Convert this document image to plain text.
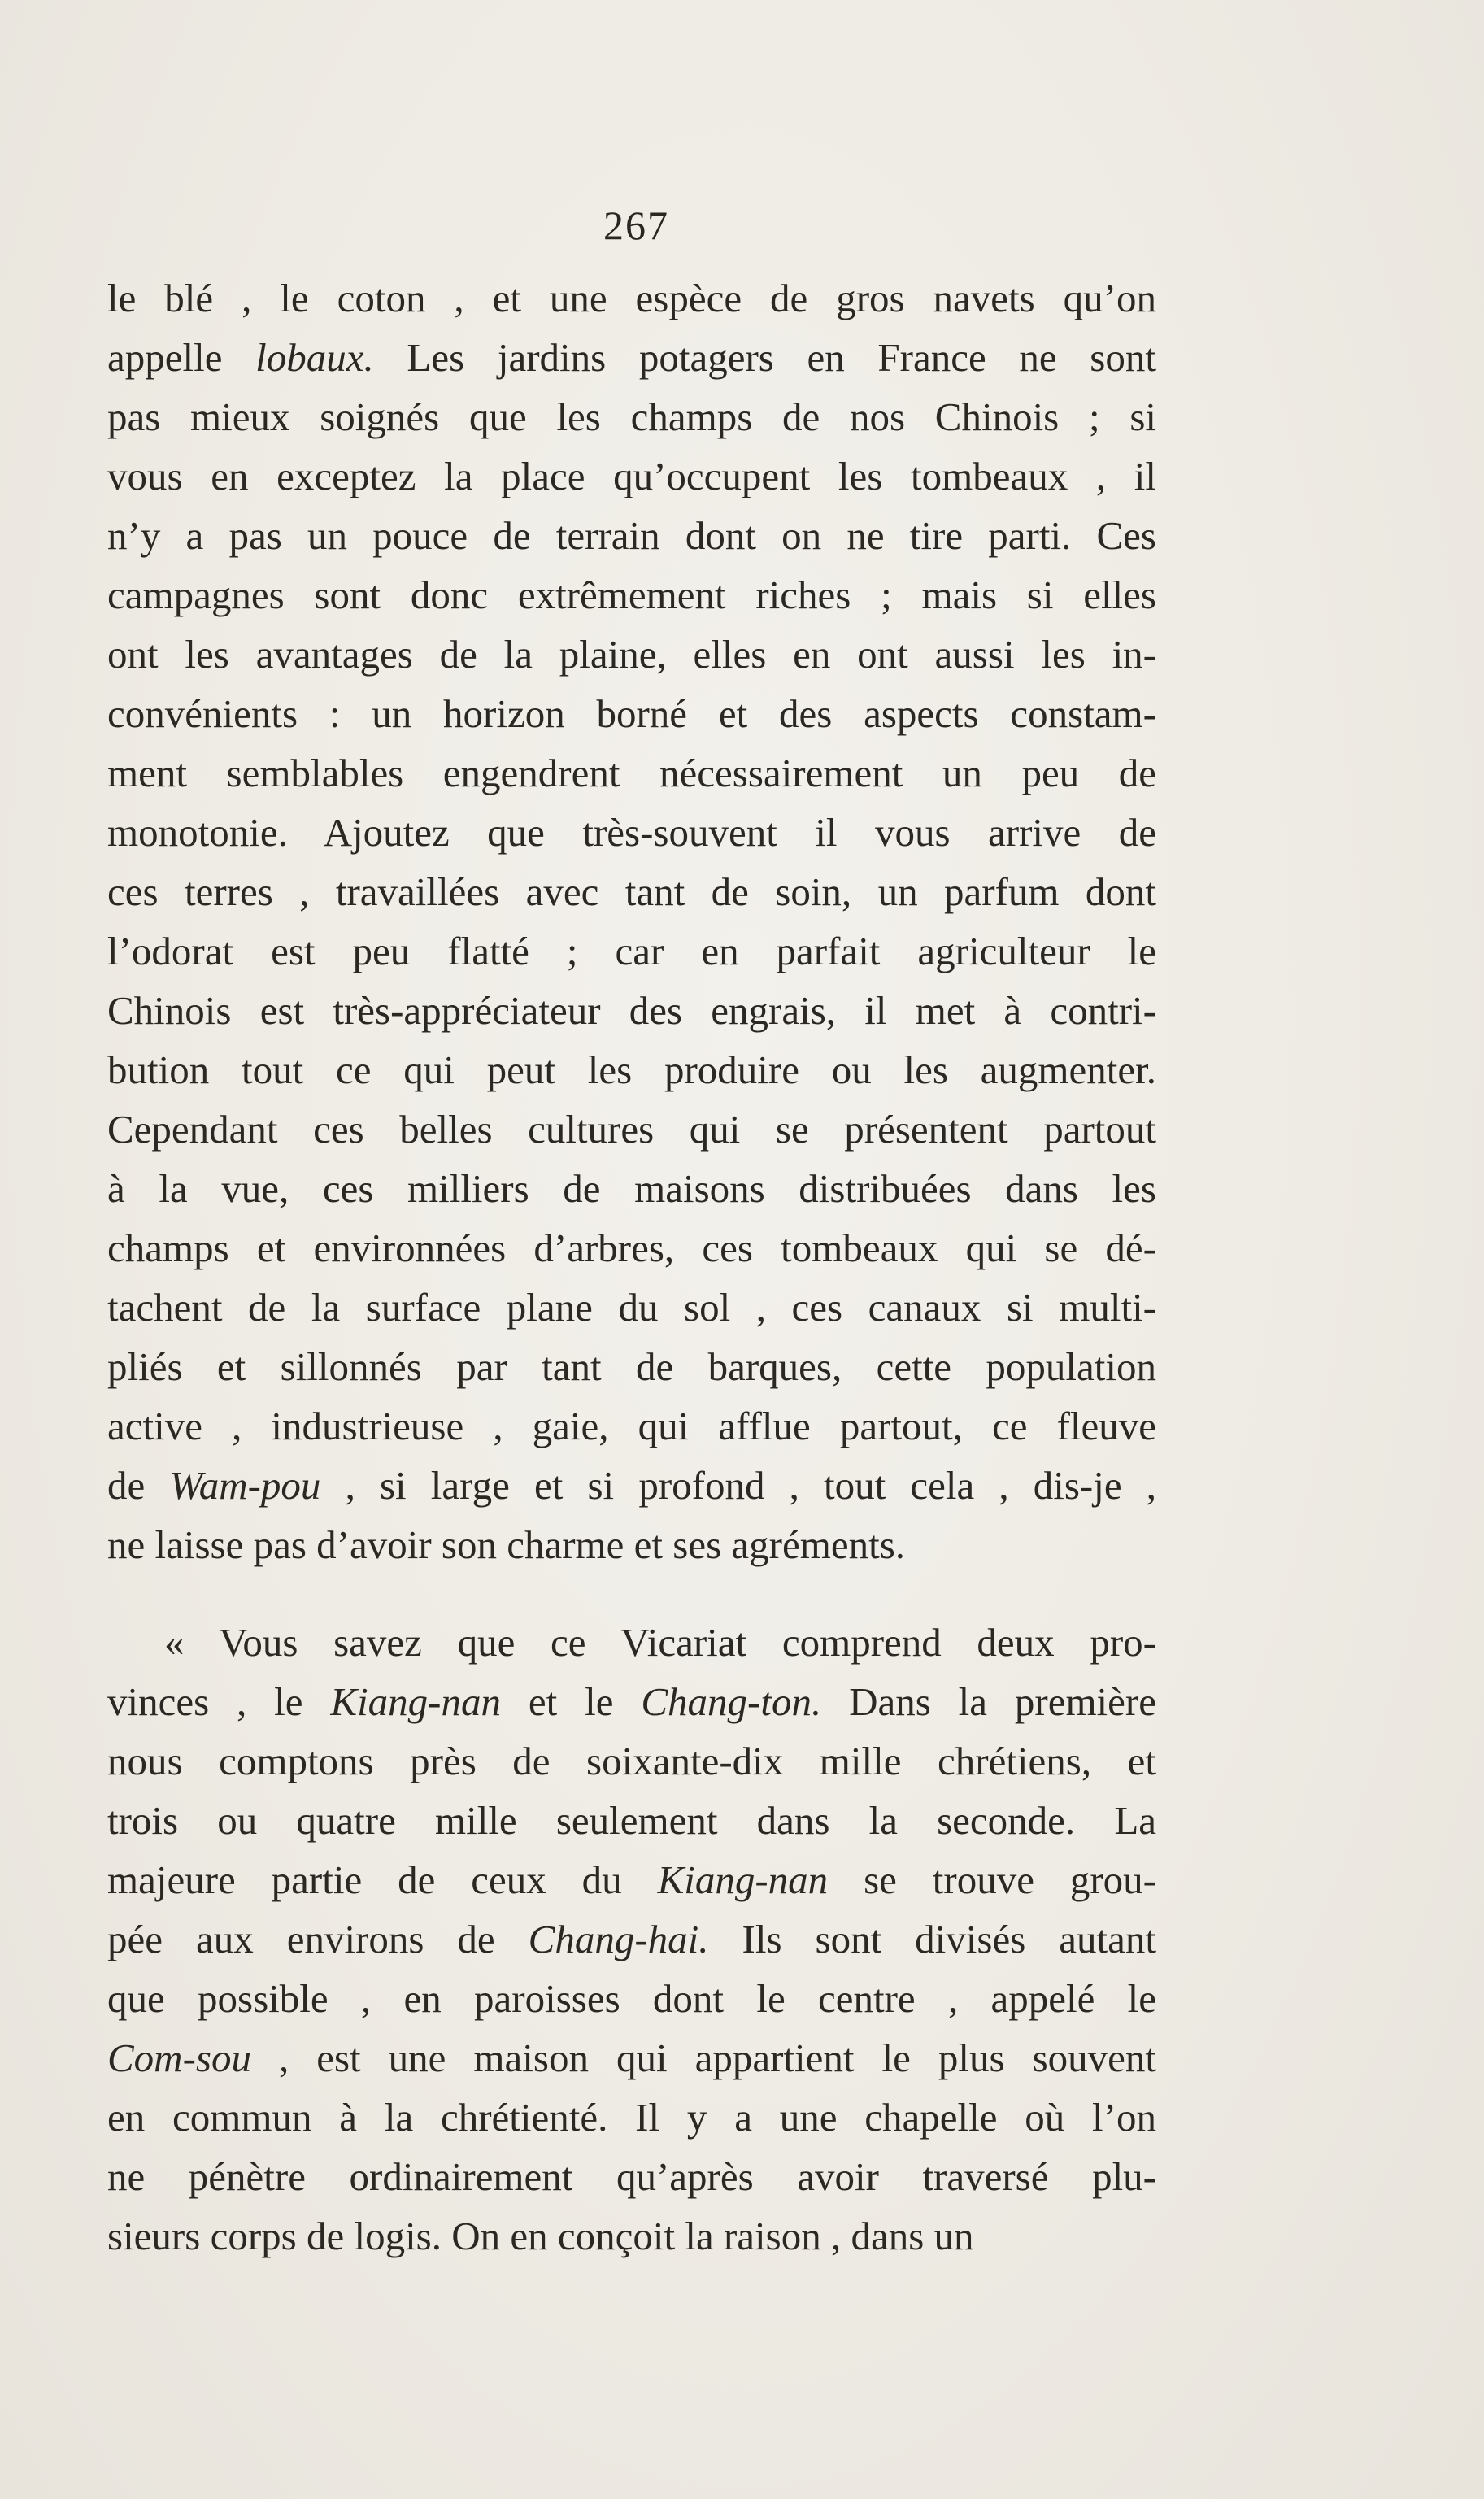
267
le blé , le coton , et une espèce de gros navets qu’on
appelle lobaux. Les jardins potagers en France ne sont
pas mieux soignés que les champs de nos Chinois ; si
vous en exceptez la place qu’occupent les tombeaux , il
n’y a pas un pouce de terrain dont on ne tire parti. Ces
campagnes sont donc extrêmement riches ; mais si elles
ont les avantages de la plaine, elles en ont aussi les in-
convénients : un horizon borné et des aspects constam-
ment semblables engendrent nécessairement un peu de
monotonie. Ajoutez que très-souvent il vous arrive de
ces terres , travaillées avec tant de soin, un parfum dont
l’odorat est peu flatté ; car en parfait agriculteur le
Chinois est très-appréciateur des engrais, il met à contri-
bution tout ce qui peut les produire ou les augmenter.
Cependant ces belles cultures qui se présentent partout
à la vue, ces milliers de maisons distribuées dans les
champs et environnées d’arbres, ces tombeaux qui se dé-
tachent de la surface plane du sol , ces canaux si multi-
pliés et sillonnés par tant de barques, cette population
active , industrieuse , gaie, qui afflue partout, ce fleuve
de Wam-pou , si large et si profond , tout cela , dis-je ,
ne laisse pas d’avoir son charme et ses agréments.
« Vous savez que ce Vicariat comprend deux pro-
vinces , le Kiang-nan et le Chang-ton. Dans la première
nous comptons près de soixante-dix mille chrétiens, et
trois ou quatre mille seulement dans la seconde. La
majeure partie de ceux du Kiang-nan se trouve grou-
pée aux environs de Chang-hai. Ils sont divisés autant
que possible , en paroisses dont le centre , appelé le
Com-sou , est une maison qui appartient le plus souvent
en commun à la chrétienté. Il y a une chapelle où l’on
ne pénètre ordinairement qu’après avoir traversé plu-
sieurs corps de logis. On en conçoit la raison , dans un
